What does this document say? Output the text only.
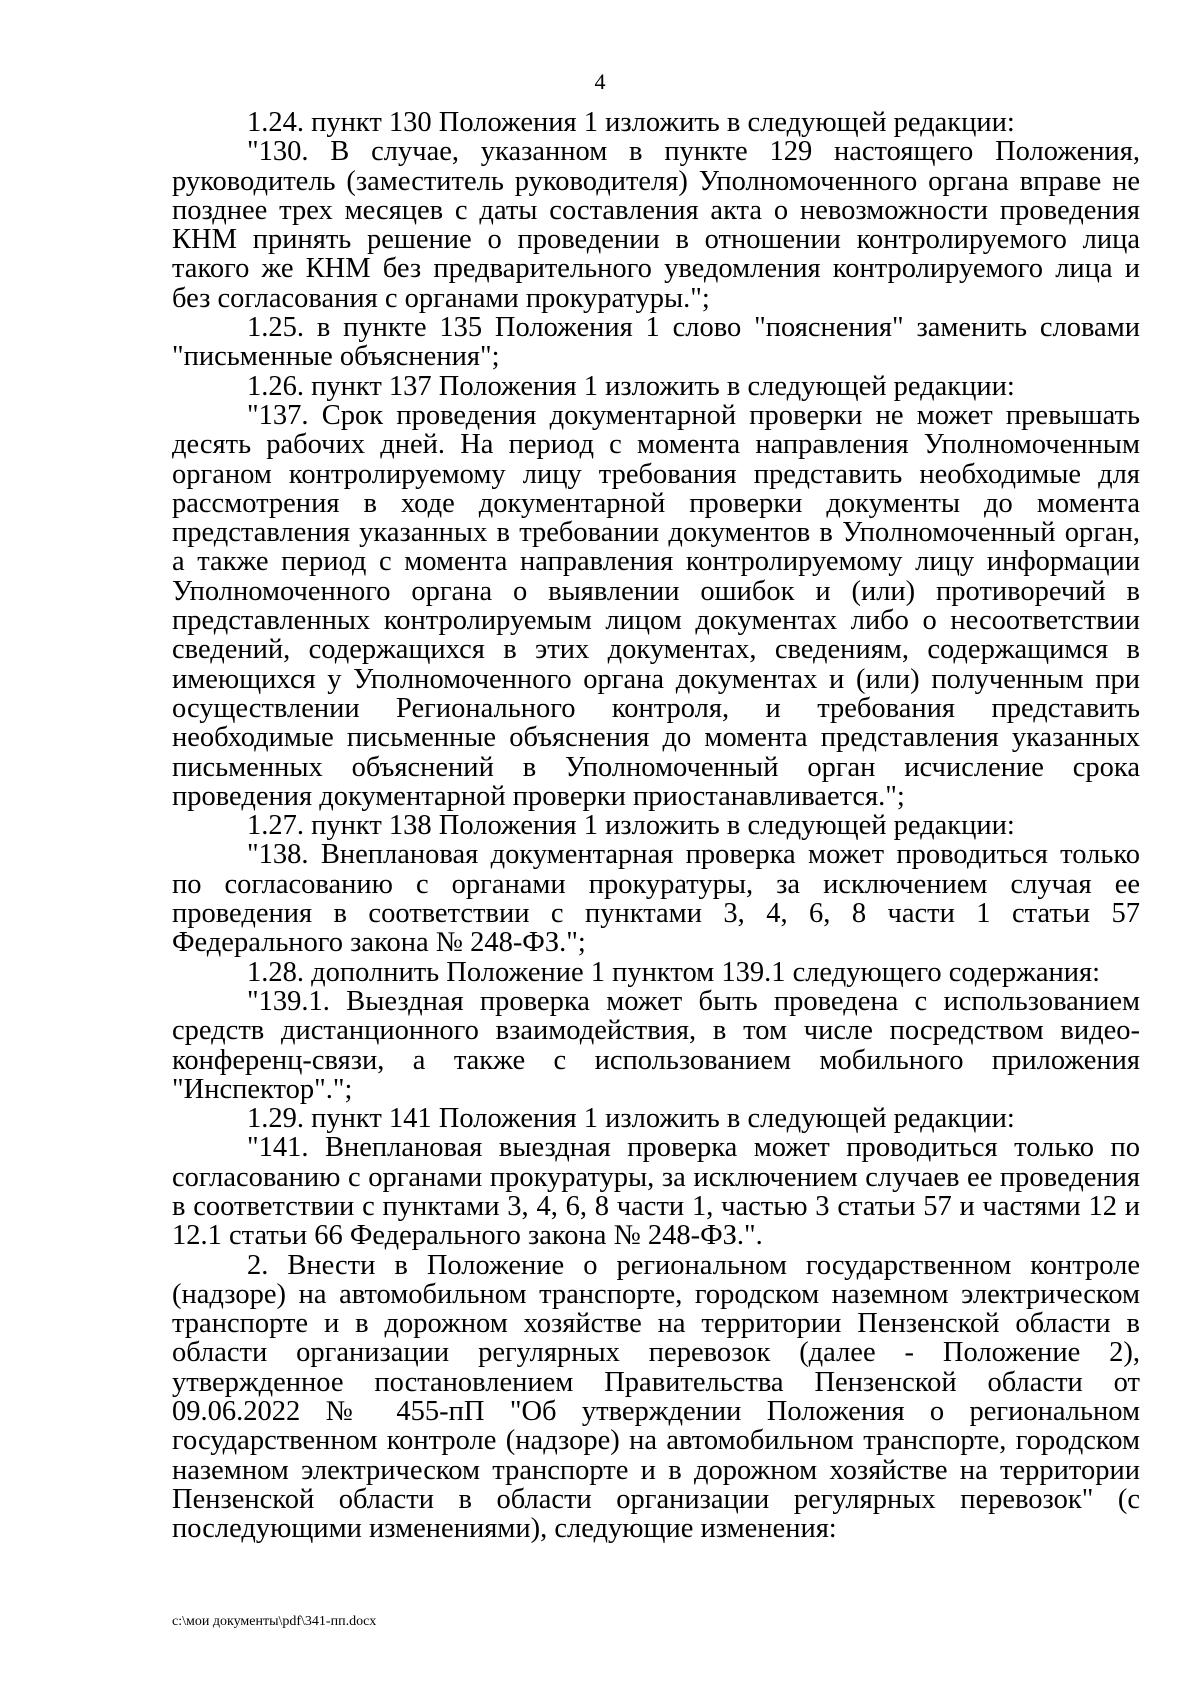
4

1.24. пункт 130 Положения 1 изложить в следующей редакции:

"130. В случае, указанном в пункте 129 настоящего Положения, руководитель (заместитель руководителя) Уполномоченного органа вправе не позднее трех месяцев с даты составления акта о невозможности проведения КНМ принять решение о проведении в отношении контролируемого лица такого же КНМ без предварительного уведомления контролируемого лица и без согласования с органами прокуратуры.";

1.25. в пункте 135 Положения 1 слово "пояснения" заменить словами "письменные объяснения";

1.26. пункт 137 Положения 1 изложить в следующей редакции:

"137. Срок проведения документарной проверки не может превышать десять рабочих дней. На период с момента направления Уполномоченным органом контролируемому лицу требования представить необходимые для рассмотрения в ходе документарной проверки документы до момента представления указанных в требовании документов в Уполномоченный орган, а также период с момента направления контролируемому лицу информации Уполномоченного органа о выявлении ошибок и (или) противоречий в представленных контролируемым лицом документах либо о несоответствии сведений, содержащихся в этих документах, сведениям, содержащимся в имеющихся у Уполномоченного органа документах и (или) полученным при осуществлении Регионального контроля, и требования представить необходимые письменные объяснения до момента представления указанных письменных объяснений в Уполномоченный орган исчисление срока проведения документарной проверки приостанавливается.";

1.27. пункт 138 Положения 1 изложить в следующей редакции:

"138. Внеплановая документарная проверка может проводиться только по согласованию с органами прокуратуры, за исключением случая ее проведения в соответствии с пунктами 3, 4, 6, 8 части 1 статьи 57 Федерального закона № 248-ФЗ.";

1.28. дополнить Положение 1 пунктом 139.1 следующего содержания:

"139.1. Выездная проверка может быть проведена с использованием средств дистанционного взаимодействия, в том числе посредством видео-конференц-связи, а также с использованием мобильного приложения "Инспектор".";

1.29. пункт 141 Положения 1 изложить в следующей редакции:

"141. Внеплановая выездная проверка может проводиться только по согласованию с органами прокуратуры, за исключением случаев ее проведения в соответствии с пунктами 3, 4, 6, 8 части 1, частью 3 статьи 57 и частями 12 и 12.1 статьи 66 Федерального закона № 248-ФЗ.".

2. Внести в Положение о региональном государственном контроле (надзоре) на автомобильном транспорте, городском наземном электрическом транспорте и в дорожном хозяйстве на территории Пензенской области в области организации регулярных перевозок (далее - Положение 2), утвержденное постановлением Правительства Пензенской области от 09.06.2022 № 455-пП "Об утверждении Положения о региональном государственном контроле (надзоре) на автомобильном транспорте, городском наземном электрическом транспорте и в дорожном хозяйстве на территории Пензенской области в области организации регулярных перевозок" (с последующими изменениями), следующие изменения:

c:\мои документы\pdf\341-пп.docx
